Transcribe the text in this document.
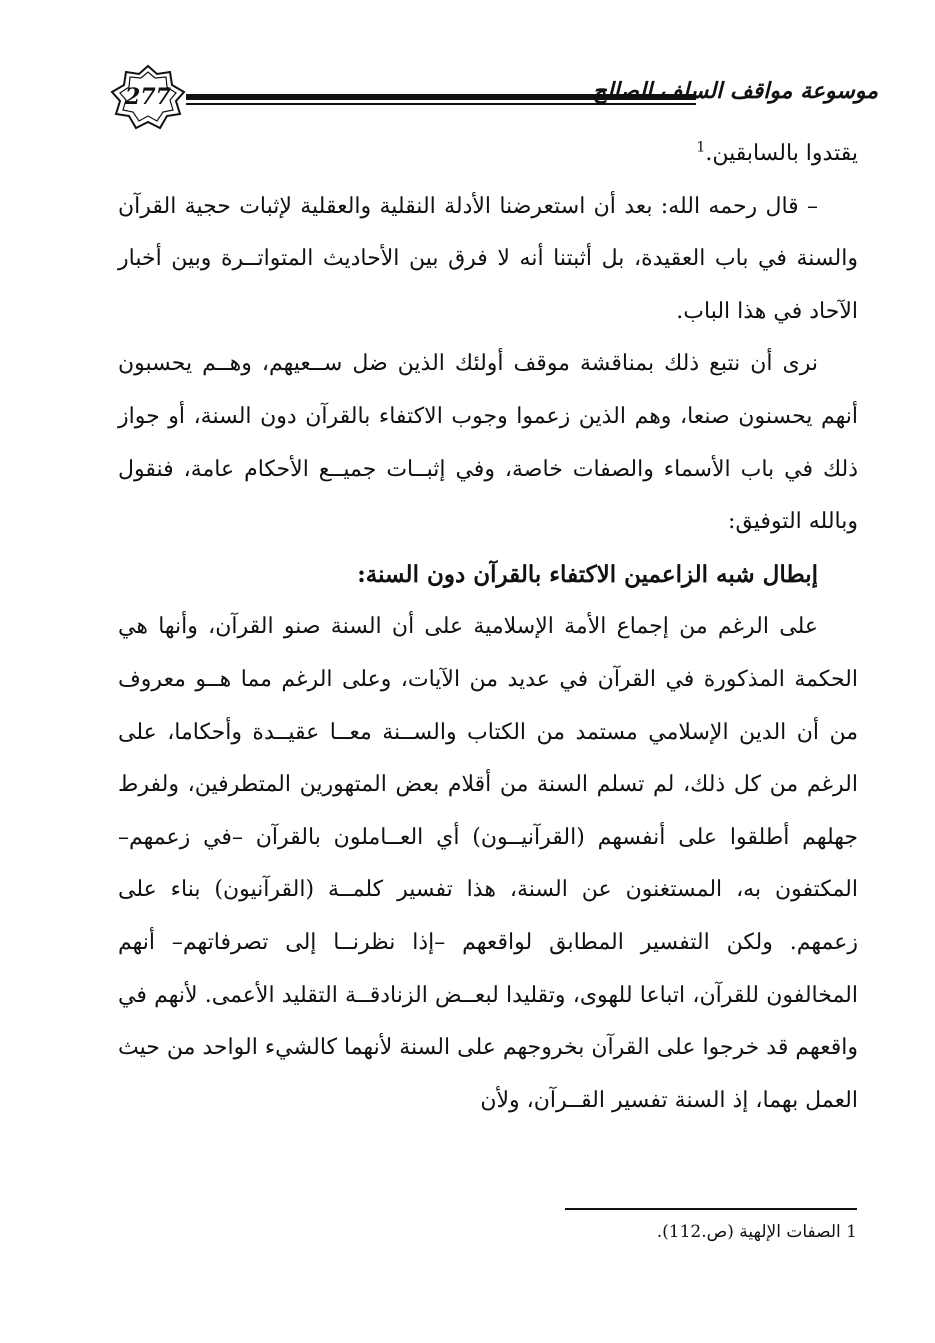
277	موسوعة مواقف السلف الصالح

يقتدوا بالسابقين.$^1$

– قال رحمه الله: بعد أن استعرضنا الأدلة النقلية والعقلية لإثبات حجية القرآن والسنة في باب العقيدة، بل أثبتنا أنه لا فرق بين الأحاديث المتواتــرة وبين أخبار الآحاد في هذا الباب.

نرى أن نتبع ذلك بمناقشة موقف أولئك الذين ضل ســعيهم، وهــم يحسبون أنهم يحسنون صنعا، وهم الذين زعموا وجوب الاكتفاء بالقرآن دون السنة، أو جواز ذلك في باب الأسماء والصفات خاصة، وفي إثبــات جميــع الأحكام عامة، فنقول وبالله التوفيق:

إبطال شبه الزاعمين الاكتفاء بالقرآن دون السنة:

على الرغم من إجماع الأمة الإسلامية على أن السنة صنو القرآن، وأنها هي الحكمة المذكورة في القرآن في عديد من الآيات، وعلى الرغم مما هــو معروف من أن الدين الإسلامي مستمد من الكتاب والســنة معــا عقيــدة وأحكاما، على الرغم من كل ذلك، لم تسلم السنة من أقلام بعض المتهورين المتطرفين، ولفرط جهلهم أطلقوا على أنفسهم (القرآنيــون) أي العــاملون بالقرآن –في زعمهم– المكتفون به، المستغنون عن السنة، هذا تفسير كلمــة (القرآنيون) بناء على زعمهم. ولكن التفسير المطابق لواقعهم –إذا نظرنــا إلى تصرفاتهم– أنهم المخالفون للقرآن، اتباعا للهوى، وتقليدا لبعــض الزنادقــة التقليد الأعمى. لأنهم في واقعهم قد خرجوا على القرآن بخروجهم على السنة لأنهما كالشيء الواحد من حيث العمل بهما، إذ السنة تفسير القــرآن، ولأن

1 الصفات الإلهية (ص.112).
